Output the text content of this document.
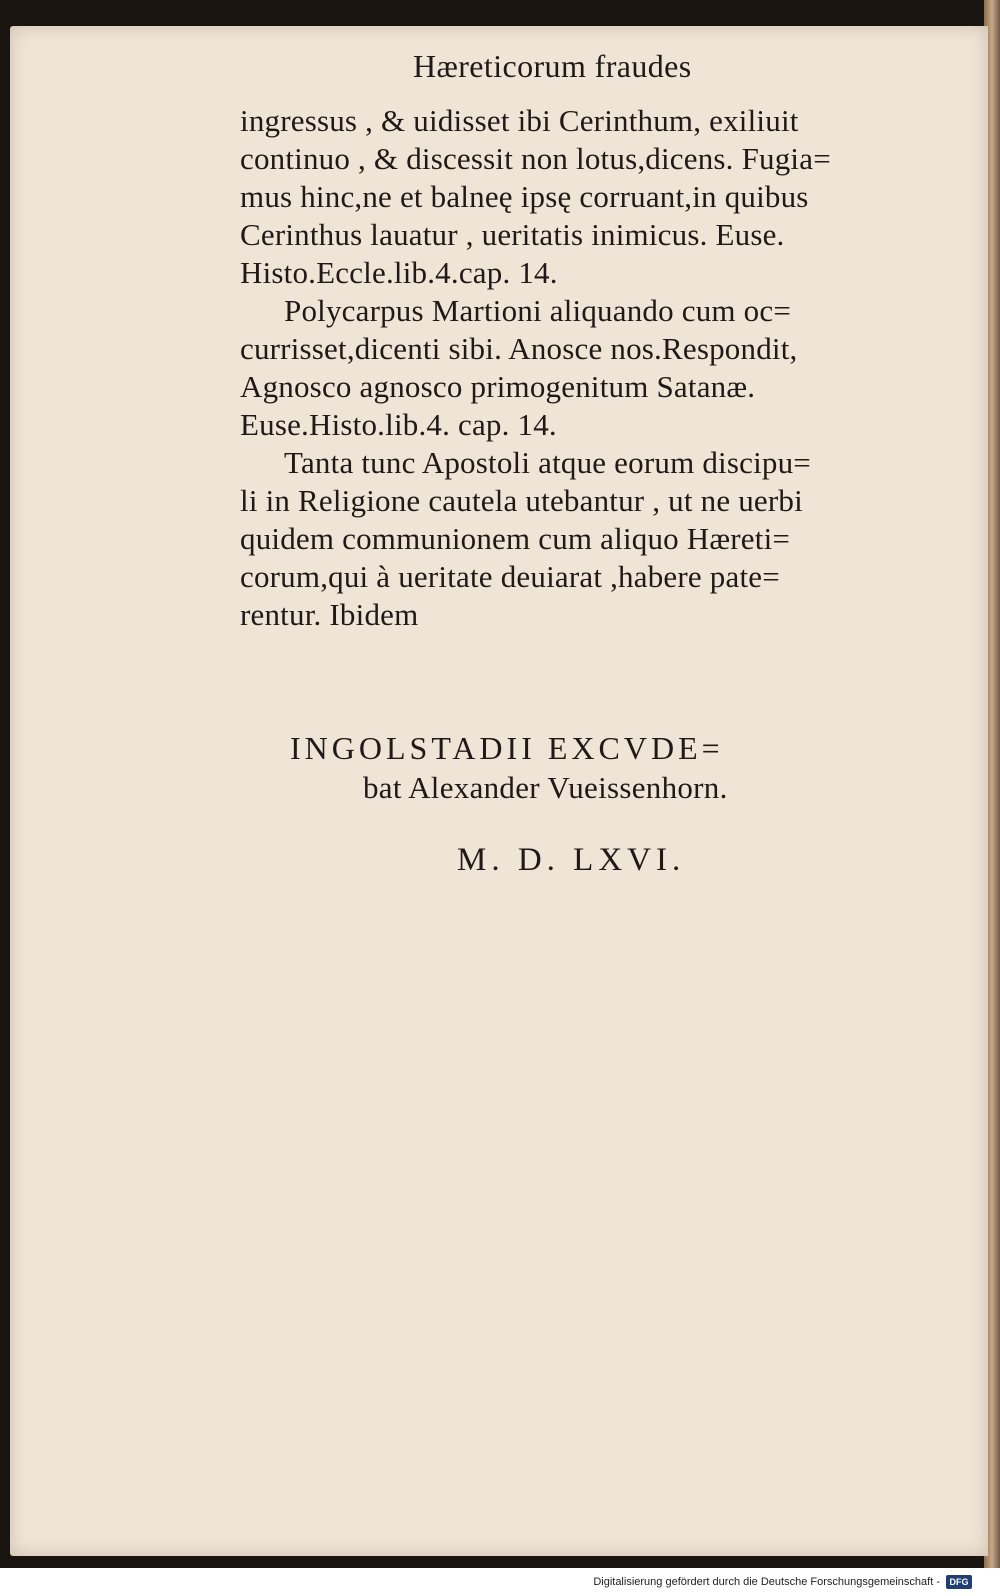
Hæreticorum fraudes
ingressus , & uidisset ibi Cerinthum, exiliuit
continuo , & discessit non lotus,dicens. Fugia=
mus hinc,ne et balneę ipsę corruant,in quibus
Cerinthus lauatur , ueritatis inimicus. Euse.
Histo.Eccle.lib.4.cap. 14.
Polycarpus Martioni aliquando cum oc=
currisset,dicenti sibi. Anosce nos.Respondit,
Agnosco agnosco primogenitum Satanæ.
Euse.Histo.lib.4. cap. 14.
Tanta tunc Apostoli atque eorum discipu=
li in Religione cautela utebantur , ut ne uerbi
quidem communionem cum aliquo Hæreti=
corum,qui à ueritate deuiarat ,habere pate=
rentur. Ibidem
INGOLSTADII EXCVDE=
bat Alexander Vueissenhorn.
M. D. LXVI.
Digitalisierung gefördert durch die Deutsche Forschungsgemeinschaft -	DFG
